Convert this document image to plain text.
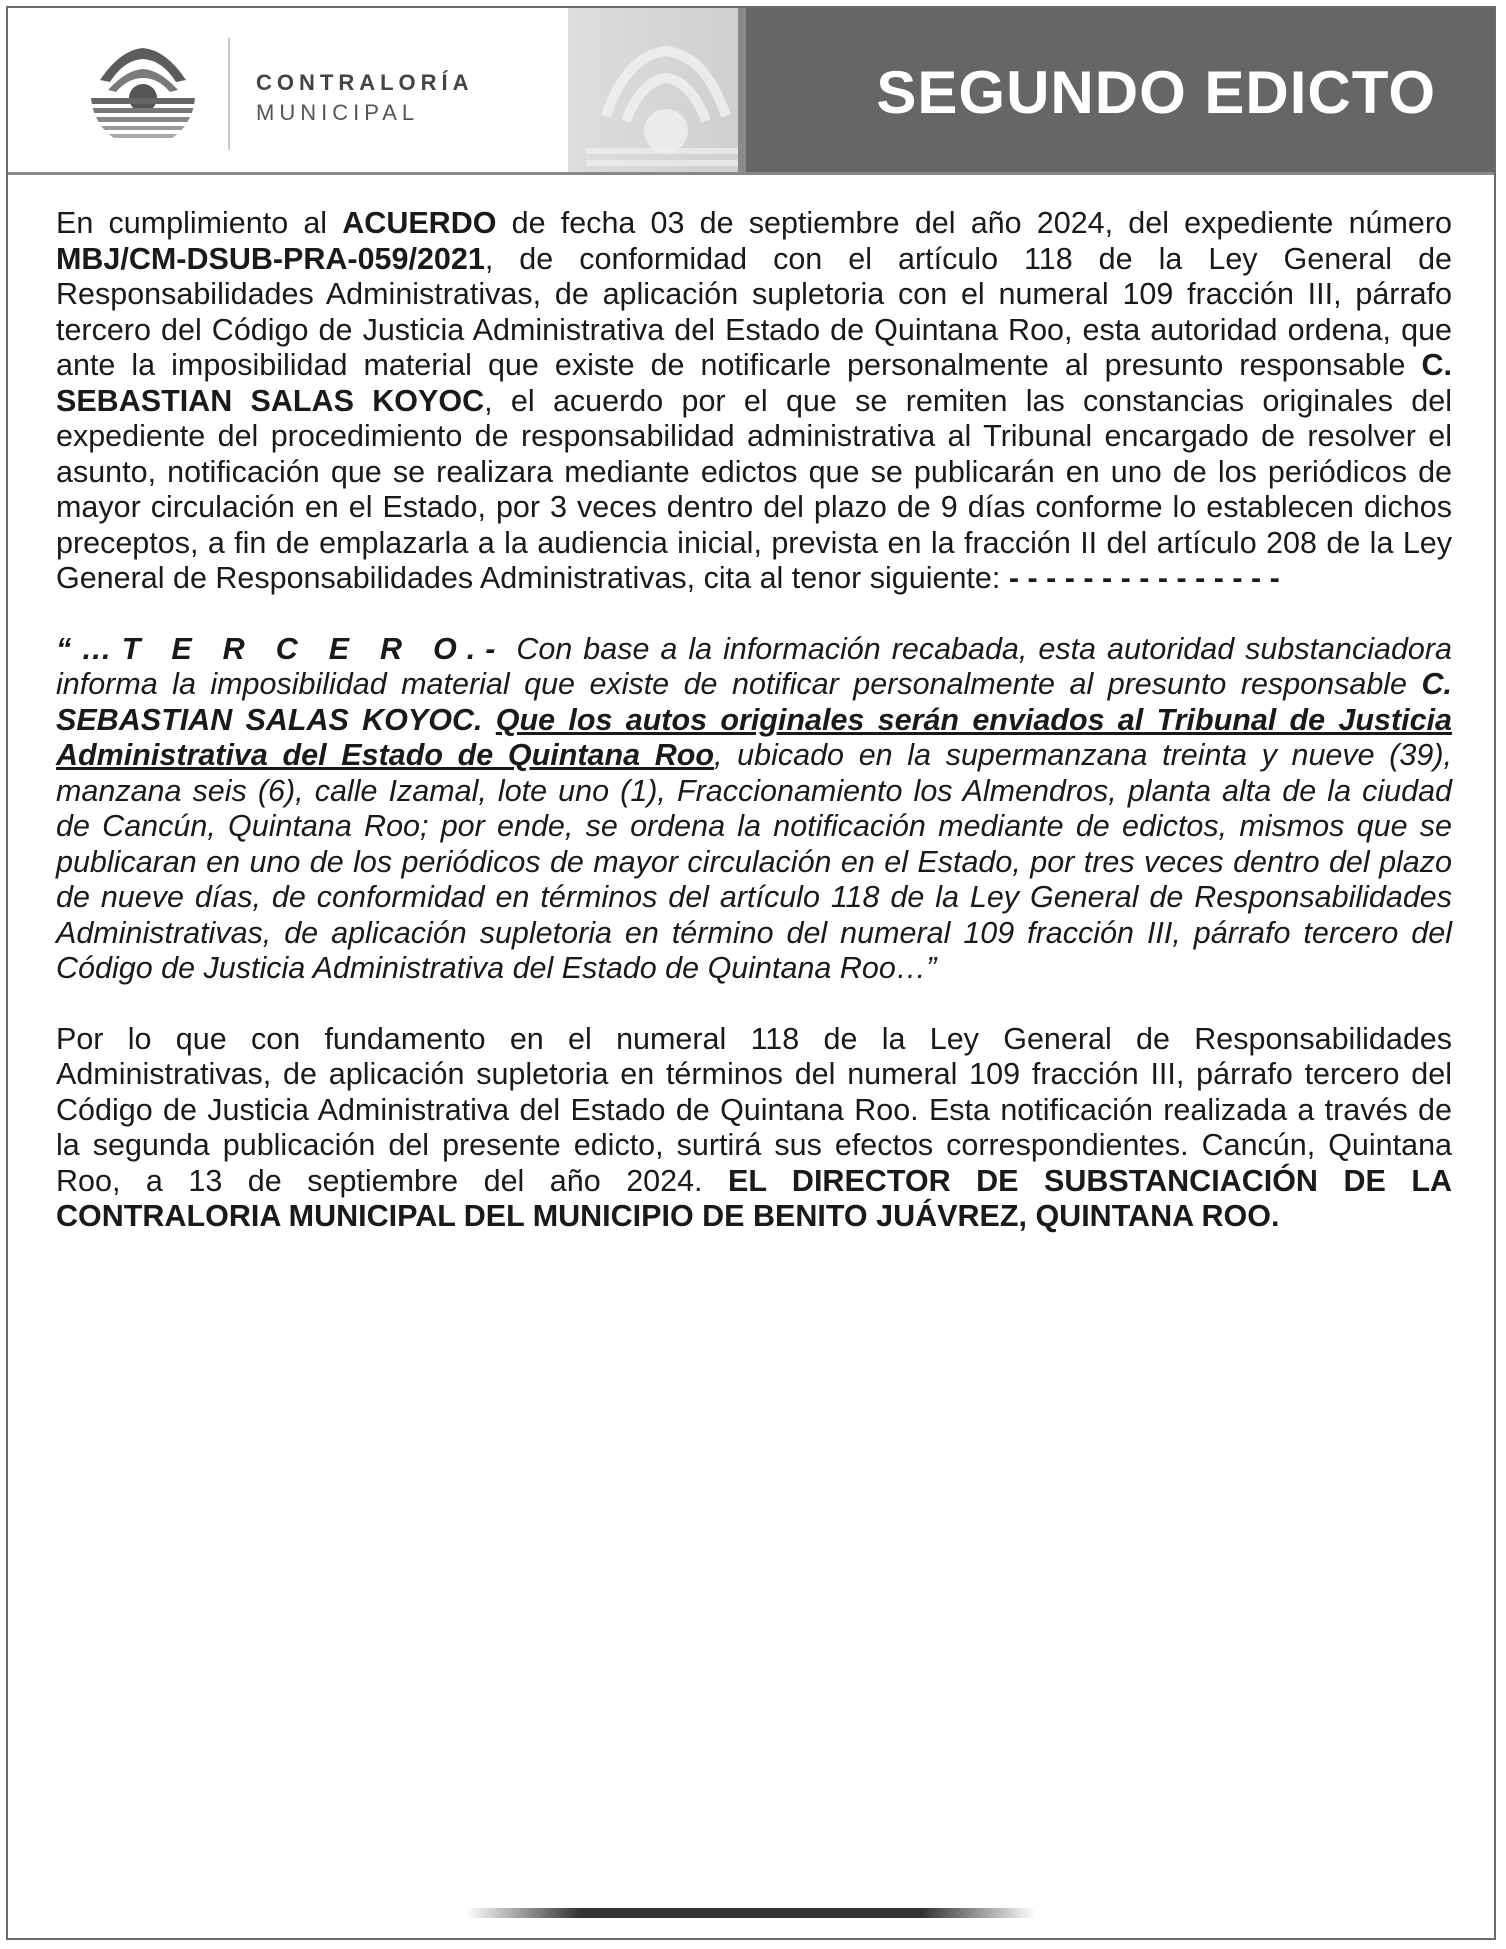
CONTRALORÍA
MUNICIPAL	SEGUNDO EDICTO

En cumplimiento al ACUERDO de fecha 03 de septiembre del año 2024, del expediente número MBJ/CM-DSUB-PRA-059/2021, de conformidad con el artículo 118 de la Ley General de Responsabilidades Administrativas, de aplicación supletoria con el numeral 109 fracción III, párrafo tercero del Código de Justicia Administrativa del Estado de Quintana Roo, esta autoridad ordena, que ante la imposibilidad material que existe de notificarle personalmente al presunto responsable C. SEBASTIAN SALAS KOYOC, el acuerdo por el que se remiten las constancias originales del expediente del procedimiento de responsabilidad administrativa al Tribunal encargado de resolver el asunto, notificación que se realizara mediante edictos que se publicarán en uno de los periódicos de mayor circulación en el Estado, por 3 veces dentro del plazo de 9 días conforme lo establecen dichos preceptos, a fin de emplazarla a la audiencia inicial, prevista en la fracción II del artículo 208 de la Ley General de Responsabilidades Administrativas, cita al tenor siguiente: - - - - - - - - - - - - - - -

“…T E R C E R O.- Con base a la información recabada, esta autoridad substanciadora informa la imposibilidad material que existe de notificar personalmente al presunto responsable C. SEBASTIAN SALAS KOYOC. Que los autos originales serán enviados al Tribunal de Justicia Administrativa del Estado de Quintana Roo, ubicado en la supermanzana treinta y nueve (39), manzana seis (6), calle Izamal, lote uno (1), Fraccionamiento los Almendros, planta alta de la ciudad de Cancún, Quintana Roo; por ende, se ordena la notificación mediante de edictos, mismos que se publicaran en uno de los periódicos de mayor circulación en el Estado, por tres veces dentro del plazo de nueve días, de conformidad en términos del artículo 118 de la Ley General de Responsabilidades Administrativas, de aplicación supletoria en término del numeral 109 fracción III, párrafo tercero del Código de Justicia Administrativa del Estado de Quintana Roo…”

Por lo que con fundamento en el numeral 118 de la Ley General de Responsabilidades Administrativas, de aplicación supletoria en términos del numeral 109 fracción III, párrafo tercero del Código de Justicia Administrativa del Estado de Quintana Roo. Esta notificación realizada a través de la segunda publicación del presente edicto, surtirá sus efectos correspondientes. Cancún, Quintana Roo, a 13 de septiembre del año 2024. EL DIRECTOR DE SUBSTANCIACIÓN DE LA CONTRALORIA MUNICIPAL DEL MUNICIPIO DE BENITO JUÁVREZ, QUINTANA ROO.
